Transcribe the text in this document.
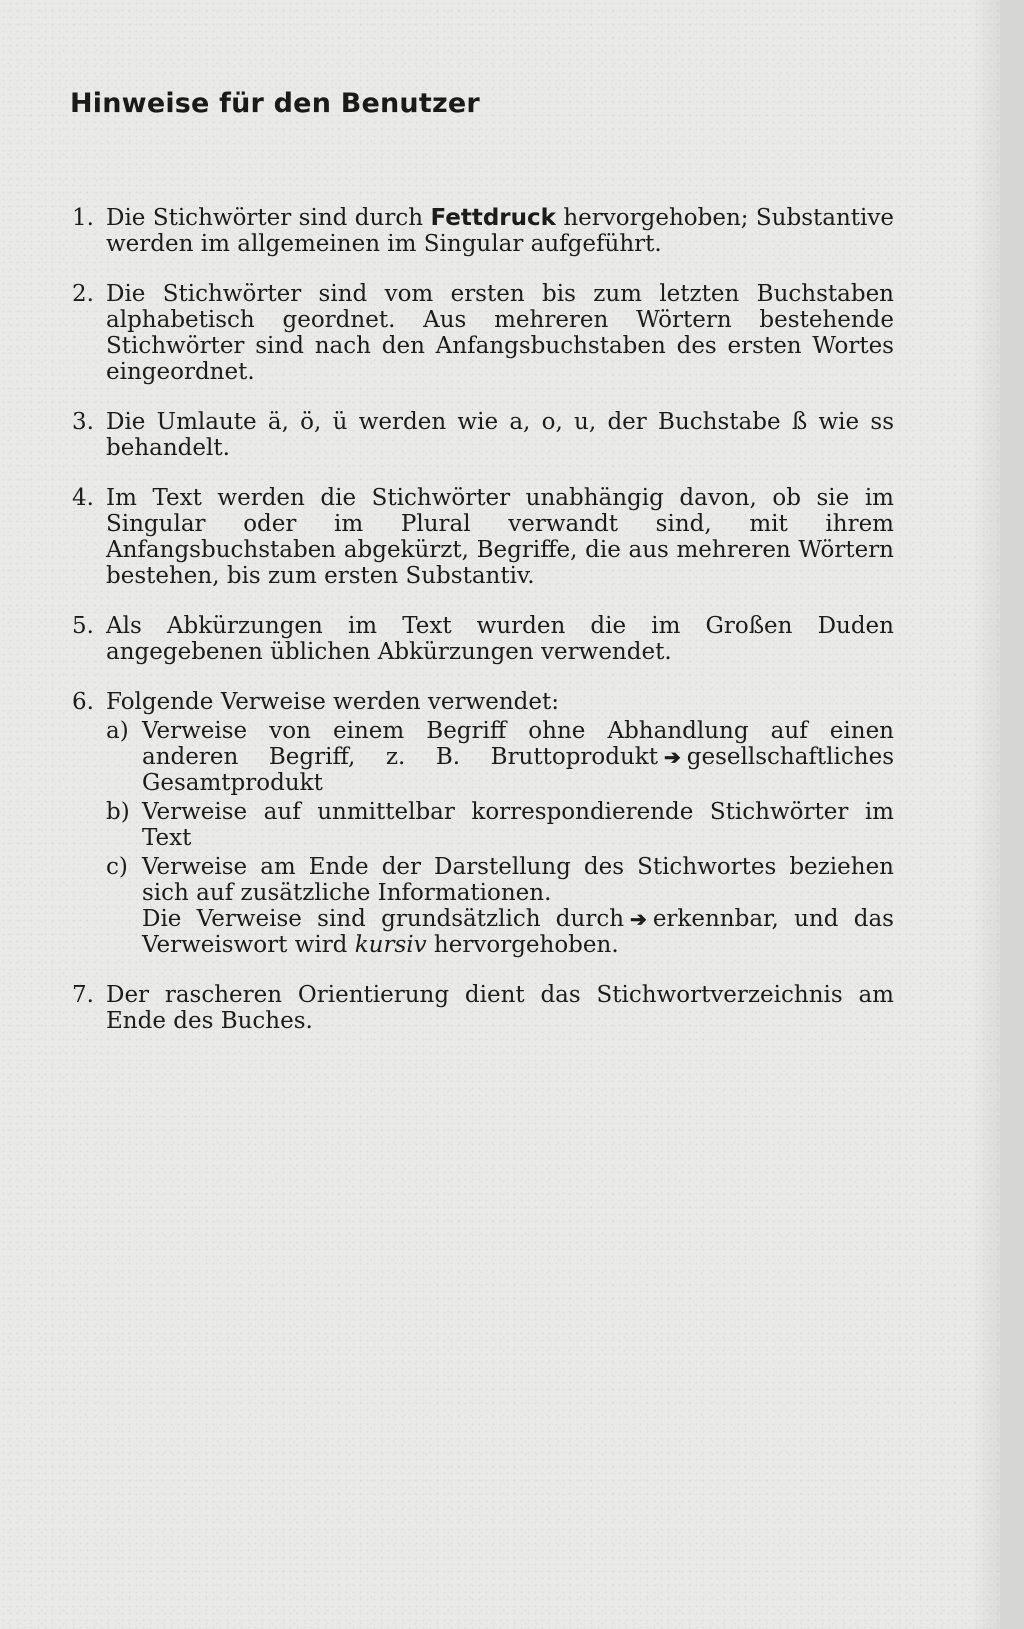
Hinweise für den Benutzer
1. Die Stichwörter sind durch Fettdruck hervorgehoben; Substantive werden im allgemeinen im Singular aufgeführt.
2. Die Stichwörter sind vom ersten bis zum letzten Buchstaben alphabetisch geordnet. Aus mehreren Wörtern bestehende Stichwörter sind nach den Anfangsbuchstaben des ersten Wortes eingeordnet.
3. Die Umlaute ä, ö, ü werden wie a, o, u, der Buchstabe ß wie ss behandelt.
4. Im Text werden die Stichwörter unabhängig davon, ob sie im Singular oder im Plural verwandt sind, mit ihrem Anfangsbuchstaben abgekürzt, Begriffe, die aus mehreren Wörtern bestehen, bis zum ersten Substantiv.
5. Als Abkürzungen im Text wurden die im Großen Duden angegebenen üblichen Abkürzungen verwendet.
6. Folgende Verweise werden verwendet:
a) Verweise von einem Begriff ohne Abhandlung auf einen anderen Begriff, z. B. Bruttoprodukt ➔ gesellschaftliches Gesamtprodukt
b) Verweise auf unmittelbar korrespondierende Stichwörter im Text
c) Verweise am Ende der Darstellung des Stichwortes beziehen sich auf zusätzliche Informationen.
Die Verweise sind grundsätzlich durch ➔ erkennbar, und das Verweiswort wird kursiv hervorgehoben.
7. Der rascheren Orientierung dient das Stichwortverzeichnis am Ende des Buches.
